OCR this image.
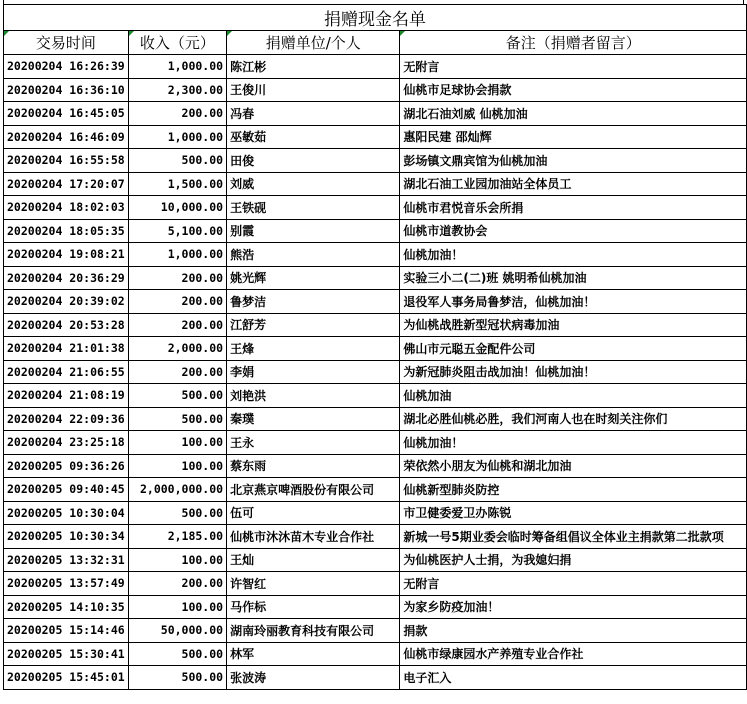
捐赠现金名单			
交易时间	收入（元）	捐赠单位/个人	备注（捐赠者留言）
20200204 16:26:39	1,000.00	陈江彬	无附言
20200204 16:36:10	2,300.00	王俊川	仙桃市足球协会捐款
20200204 16:45:05	200.00	冯春	湖北石油刘威 仙桃加油
20200204 16:46:09	1,000.00	巫敏茹	惠阳民建 邵灿辉
20200204 16:55:58	500.00	田俊	彭场镇文鼎宾馆为仙桃加油
20200204 17:20:07	1,500.00	刘威	湖北石油工业园加油站全体员工
20200204 18:02:03	10,000.00	王铁砚	仙桃市君悦音乐会所捐
20200204 18:05:35	5,100.00	别霞	仙桃市道教协会
20200204 19:08:21	1,000.00	熊浩	仙桃加油！
20200204 20:36:29	200.00	姚光辉	实验三小二(二)班 姚明希仙桃加油
20200204 20:39:02	200.00	鲁梦洁	退役军人事务局鲁梦洁，仙桃加油！
20200204 20:53:28	200.00	江舒芳	为仙桃战胜新型冠状病毒加油
20200204 21:01:38	2,000.00	王烽	佛山市元聪五金配件公司
20200204 21:06:55	200.00	李娟	为新冠肺炎阻击战加油！仙桃加油！
20200204 21:08:19	500.00	刘艳洪	仙桃加油
20200204 22:09:36	500.00	秦璞	湖北必胜仙桃必胜，我们河南人也在时刻关注你们
20200204 23:25:18	100.00	王永	仙桃加油！
20200205 09:36:26	100.00	蔡东雨	荣依然小朋友为仙桃和湖北加油
20200205 09:40:45	2,000,000.00	北京燕京啤酒股份有限公司	仙桃新型肺炎防控
20200205 10:30:04	500.00	伍可	市卫健委爱卫办陈锐
20200205 10:30:34	2,185.00	仙桃市沐沐苗木专业合作社	新城一号5期业委会临时筹备组倡议全体业主捐款第二批款项
20200205 13:32:31	100.00	王灿	为仙桃医护人士捐，为我媳妇捐
20200205 13:57:49	200.00	许智红	无附言
20200205 14:10:35	100.00	马作标	为家乡防疫加油！
20200205 15:14:46	50,000.00	湖南玲丽教育科技有限公司	捐款
20200205 15:30:41	500.00	林军	仙桃市绿康园水产养殖专业合作社
20200205 15:45:01	500.00	张波涛	电子汇入
